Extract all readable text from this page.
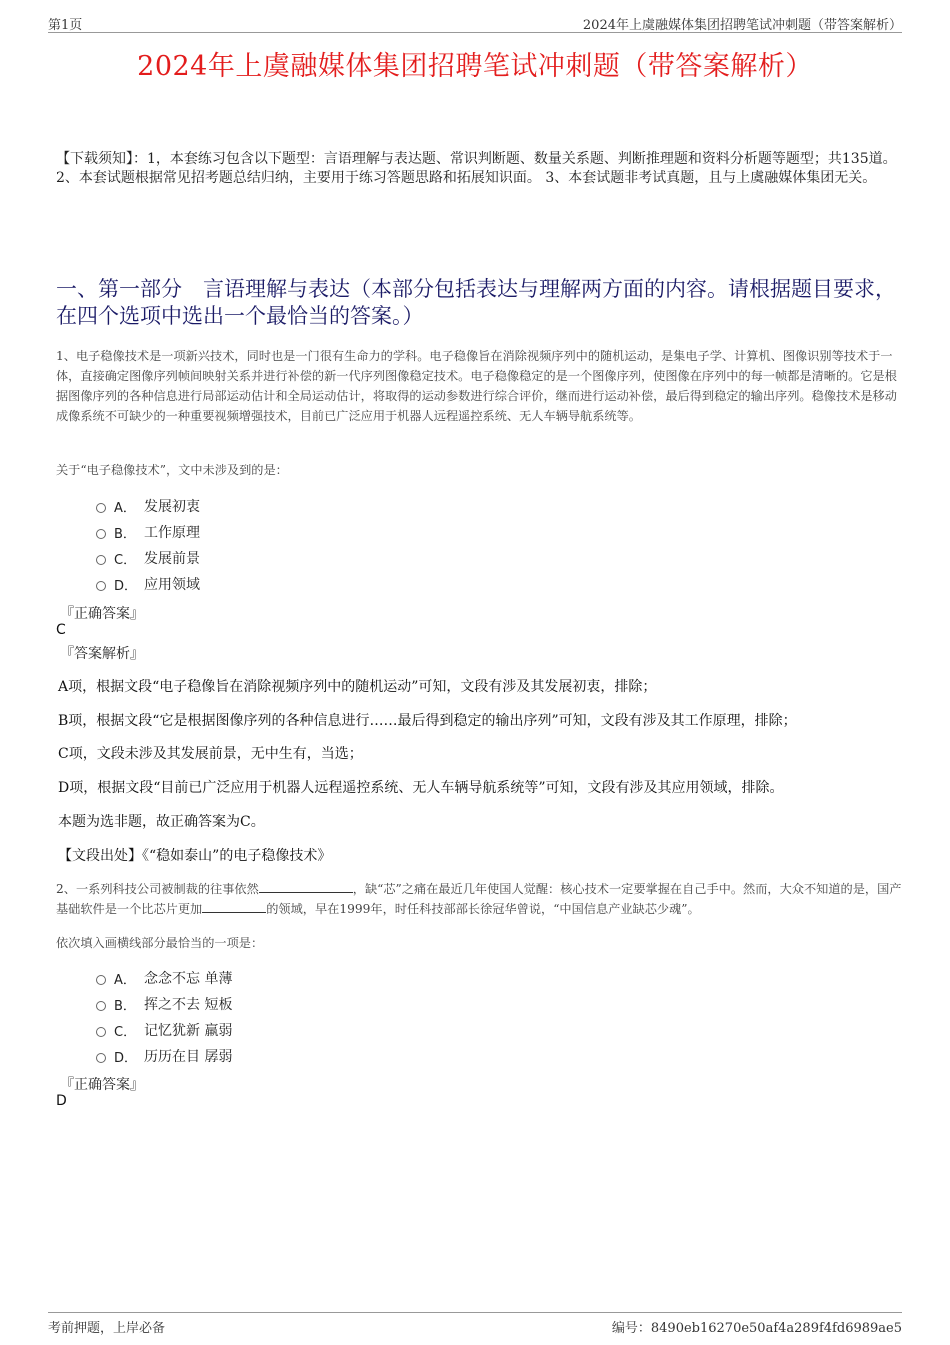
第1页	2024年上虞融媒体集团招聘笔试冲刺题（带答案解析）
2024年上虞融媒体集团招聘笔试冲刺题（带答案解析）
【下载须知】：1，本套练习包含以下题型：言语理解与表达题、常识判断题、数量关系题、判断推理题和资料分析题等题型；共135道。 2、本套试题根据常见招考题总结归纳，主要用于练习答题思路和拓展知识面。 3、本套试题非考试真题，且与上虞融媒体集团无关。
一、第一部分　言语理解与表达（本部分包括表达与理解两方面的内容。请根据题目要求，在四个选项中选出一个最恰当的答案。）
1、电子稳像技术是一项新兴技术，同时也是一门很有生命力的学科。电子稳像旨在消除视频序列中的随机运动，是集电子学、计算机、图像识别等技术于一体，直接确定图像序列帧间映射关系并进行补偿的新一代序列图像稳定技术。电子稳像稳定的是一个图像序列，使图像在序列中的每一帧都是清晰的。它是根据图像序列的各种信息进行局部运动估计和全局运动估计，将取得的运动参数进行综合评价，继而进行运动补偿，最后得到稳定的输出序列。稳像技术是移动成像系统不可缺少的一种重要视频增强技术，目前已广泛应用于机器人远程遥控系统、无人车辆导航系统等。
关于“电子稳像技术”，文中未涉及到的是：
A． 发展初衷
B． 工作原理
C． 发展前景
D． 应用领域
『正确答案』
C
『答案解析』
A项，根据文段“电子稳像旨在消除视频序列中的随机运动”可知，文段有涉及其发展初衷，排除；
B项，根据文段“它是根据图像序列的各种信息进行……最后得到稳定的输出序列”可知，文段有涉及其工作原理，排除；
C项，文段未涉及其发展前景，无中生有，当选；
D项，根据文段“目前已广泛应用于机器人远程遥控系统、无人车辆导航系统等”可知，文段有涉及其应用领域，排除。
本题为选非题，故正确答案为C。
【文段出处】《“稳如泰山”的电子稳像技术》
2、一系列科技公司被制裁的往事依然	，缺“芯”之痛在最近几年使国人觉醒：核心技术一定要掌握在自己手中。然而，大众不知道的是，国产基础软件是一个比芯片更加	的领域，早在1999年，时任科技部部长徐冠华曾说，“中国信息产业缺芯少魂”。
依次填入画横线部分最恰当的一项是：
A． 念念不忘 单薄
B． 挥之不去 短板
C． 记忆犹新 羸弱
D． 历历在目 孱弱
『正确答案』
D
考前押题，上岸必备	编号：8490eb16270e50af4a289f4fd6989ae5
